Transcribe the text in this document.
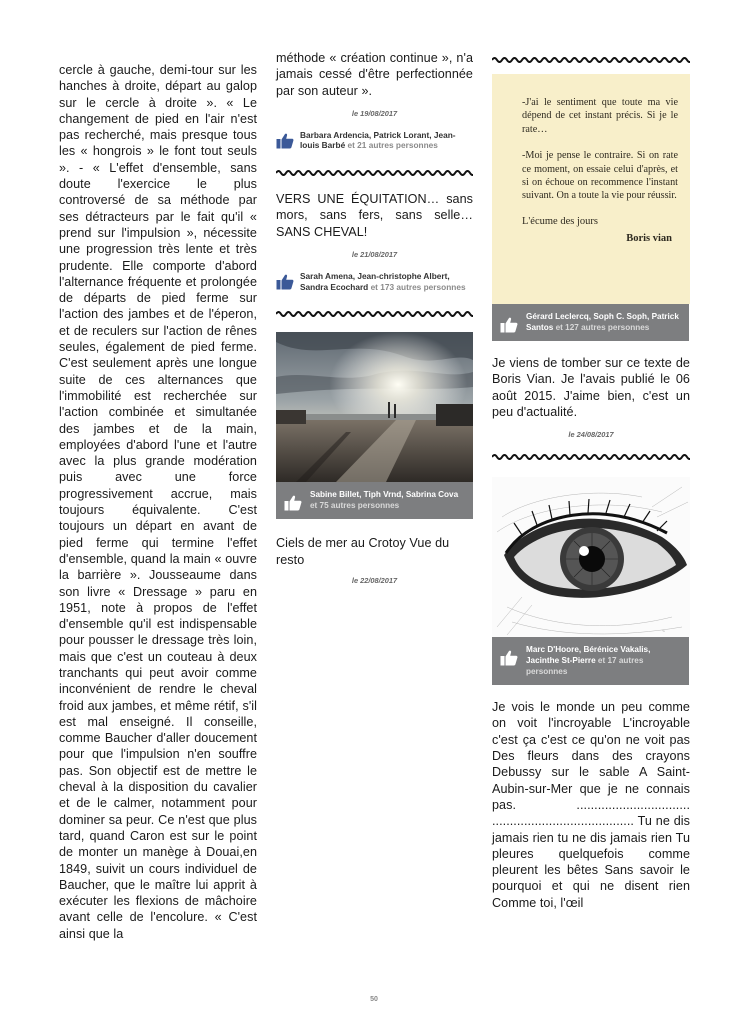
cercle à gauche, demi-tour sur les hanches à droite, départ au galop sur le cercle à droite ». « Le changement de pied en l'air n'est pas recherché, mais presque tous les « hongrois » le font tout seuls ». - « L'effet d'ensemble, sans doute l'exercice le plus controversé de sa méthode par ses détracteurs par le fait qu'il « prend sur l'impulsion », nécessite une progression très lente et très prudente. Elle comporte d'abord l'alternance fréquente et prolongée de départs de pied ferme sur l'action des jambes et de l'éperon, et de reculers sur l'action de rênes seules, également de pied ferme. C'est seulement après une longue suite de ces alternances que l'immobilité est recherchée sur l'action combinée et simultanée des jambes et de la main, employées d'abord l'une et l'autre avec la plus grande modération puis avec une force progressivement accrue, mais toujours équivalente. C'est toujours un départ en avant de pied ferme qui termine l'effet d'ensemble, quand la main « ouvre la barrière ». Jousseaume dans son livre « Dressage » paru en 1951, note à propos de l'effet d'ensemble qu'il est indispensable pour pousser le dressage très loin, mais que c'est un couteau à deux tranchants qui peut avoir comme inconvénient de rendre le cheval froid aux jambes, et même rétif, s'il est mal enseigné. Il conseille, comme Baucher d'aller doucement pour que l'impulsion n'en souffre pas. Son objectif est de mettre le cheval à la disposition du cavalier et de le calmer, notamment pour dominer sa peur. Ce n'est que plus tard, quand Caron est sur le point de monter un manège à Douai,en 1849, suivit un cours individuel de Baucher, que le maître lui apprit à exécuter les flexions de mâchoire avant celle de l'encolure. « C'est ainsi que la

méthode « création continue », n'a jamais cessé d'être perfectionnée par son auteur ».

le 19/08/2017
Barbara Ardencia, Patrick Lorant, Jean-louis Barbé et 21 autres personnes

VERS UNE ÉQUITATION… sans mors, sans fers, sans selle… SANS CHEVAL!

le 21/08/2017
Sarah Amena, Jean-christophe Albert, Sandra Ecochard et 173 autres personnes
Sabine Billet, Tiph Vrnd, Sabrina Cova et 75 autres personnes

Ciels de mer au Crotoy Vue du resto

le 22/08/2017

-J'ai le sentiment que toute ma vie dépend de cet instant précis. Si je le rate…

-Moi je pense le contraire. Si on rate ce moment, on essaie celui d'après, et si on échoue on recommence l'instant suivant. On a toute la vie pour réussir.

L'écume des jours
Boris vian
Gérard Leclercq, Soph C. Soph, Patrick Santos et 127 autres personnes

Je viens de tomber sur ce texte de Boris Vian. Je l'avais publié le 06 août 2015. J'aime bien, c'est un peu d'actualité.

le 24/08/2017
~
Marc D'Hoore, Bérénice Vakalis, Jacinthe St-Pierre et 17 autres personnes

Je vois le monde un peu comme on voit l'incroyable L'incroyable c'est ça c'est ce qu'on ne voit pas Des fleurs dans des crayons Debussy sur le sable A Saint-Aubin-sur-Mer que je ne connais pas. ................................ ........................................ Tu ne dis jamais rien tu ne dis jamais rien Tu pleures quelquefois comme pleurent les bêtes Sans savoir le pourquoi et qui ne disent rien Comme toi, l'œil

50
